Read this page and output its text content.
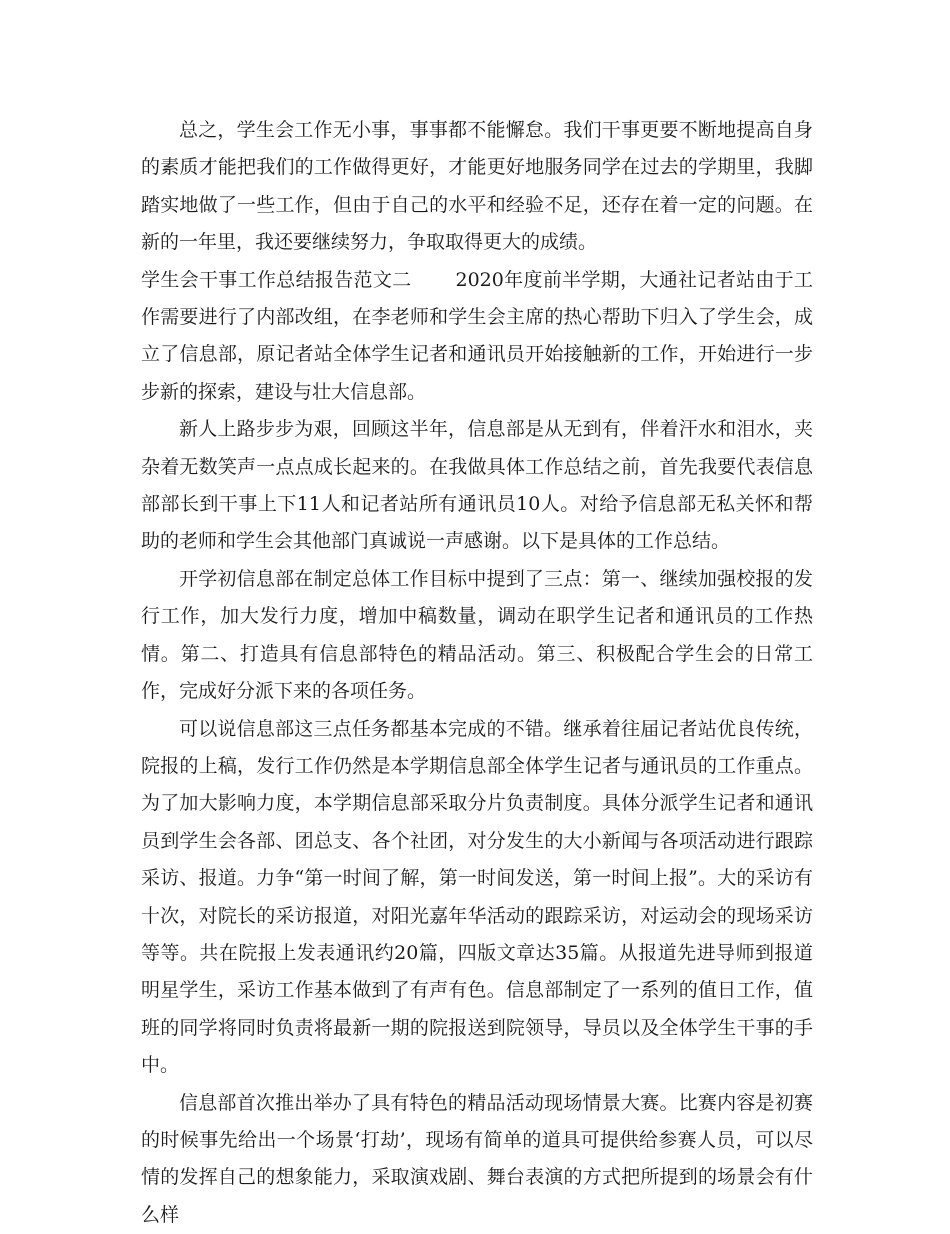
总之，学生会工作无小事，事事都不能懈怠。我们干事更要不断地提高自身的素质才能把我们的工作做得更好，才能更好地服务同学在过去的学期里，我脚踏实地做了一些工作，但由于自己的水平和经验不足，还存在着一定的问题。在新的一年里，我还要继续努力，争取取得更大的成绩。

学生会干事工作总结报告范文二 2020年度前半学期，大通社记者站由于工作需要进行了内部改组，在李老师和学生会主席的热心帮助下归入了学生会，成立了信息部，原记者站全体学生记者和通讯员开始接触新的工作，开始进行一步步新的探索，建设与壮大信息部。

新人上路步步为艰，回顾这半年，信息部是从无到有，伴着汗水和泪水，夹杂着无数笑声一点点成长起来的。在我做具体工作总结之前，首先我要代表信息部部长到干事上下11人和记者站所有通讯员10人。对给予信息部无私关怀和帮助的老师和学生会其他部门真诚说一声感谢。以下是具体的工作总结。

开学初信息部在制定总体工作目标中提到了三点：第一、继续加强校报的发行工作，加大发行力度，增加中稿数量，调动在职学生记者和通讯员的工作热情。第二、打造具有信息部特色的精品活动。第三、积极配合学生会的日常工作，完成好分派下来的各项任务。

可以说信息部这三点任务都基本完成的不错。继承着往届记者站优良传统，院报的上稿，发行工作仍然是本学期信息部全体学生记者与通讯员的工作重点。为了加大影响力度，本学期信息部采取分片负责制度。具体分派学生记者和通讯员到学生会各部、团总支、各个社团，对分发生的大小新闻与各项活动进行跟踪采访、报道。力争“第一时间了解，第一时间发送，第一时间上报”。大的采访有十次，对院长的采访报道，对阳光嘉年华活动的跟踪采访，对运动会的现场采访等等。共在院报上发表通讯约20篇，四版文章达35篇。从报道先进导师到报道明星学生，采访工作基本做到了有声有色。信息部制定了一系列的值日工作，值班的同学将同时负责将最新一期的院报送到院领导，导员以及全体学生干事的手中。

信息部首次推出举办了具有特色的精品活动现场情景大赛。比赛内容是初赛的时候事先给出一个场景‘打劫’，现场有简单的道具可提供给参赛人员，可以尽情的发挥自己的想象能力，采取演戏剧、舞台表演的方式把所提到的场景会有什么样
